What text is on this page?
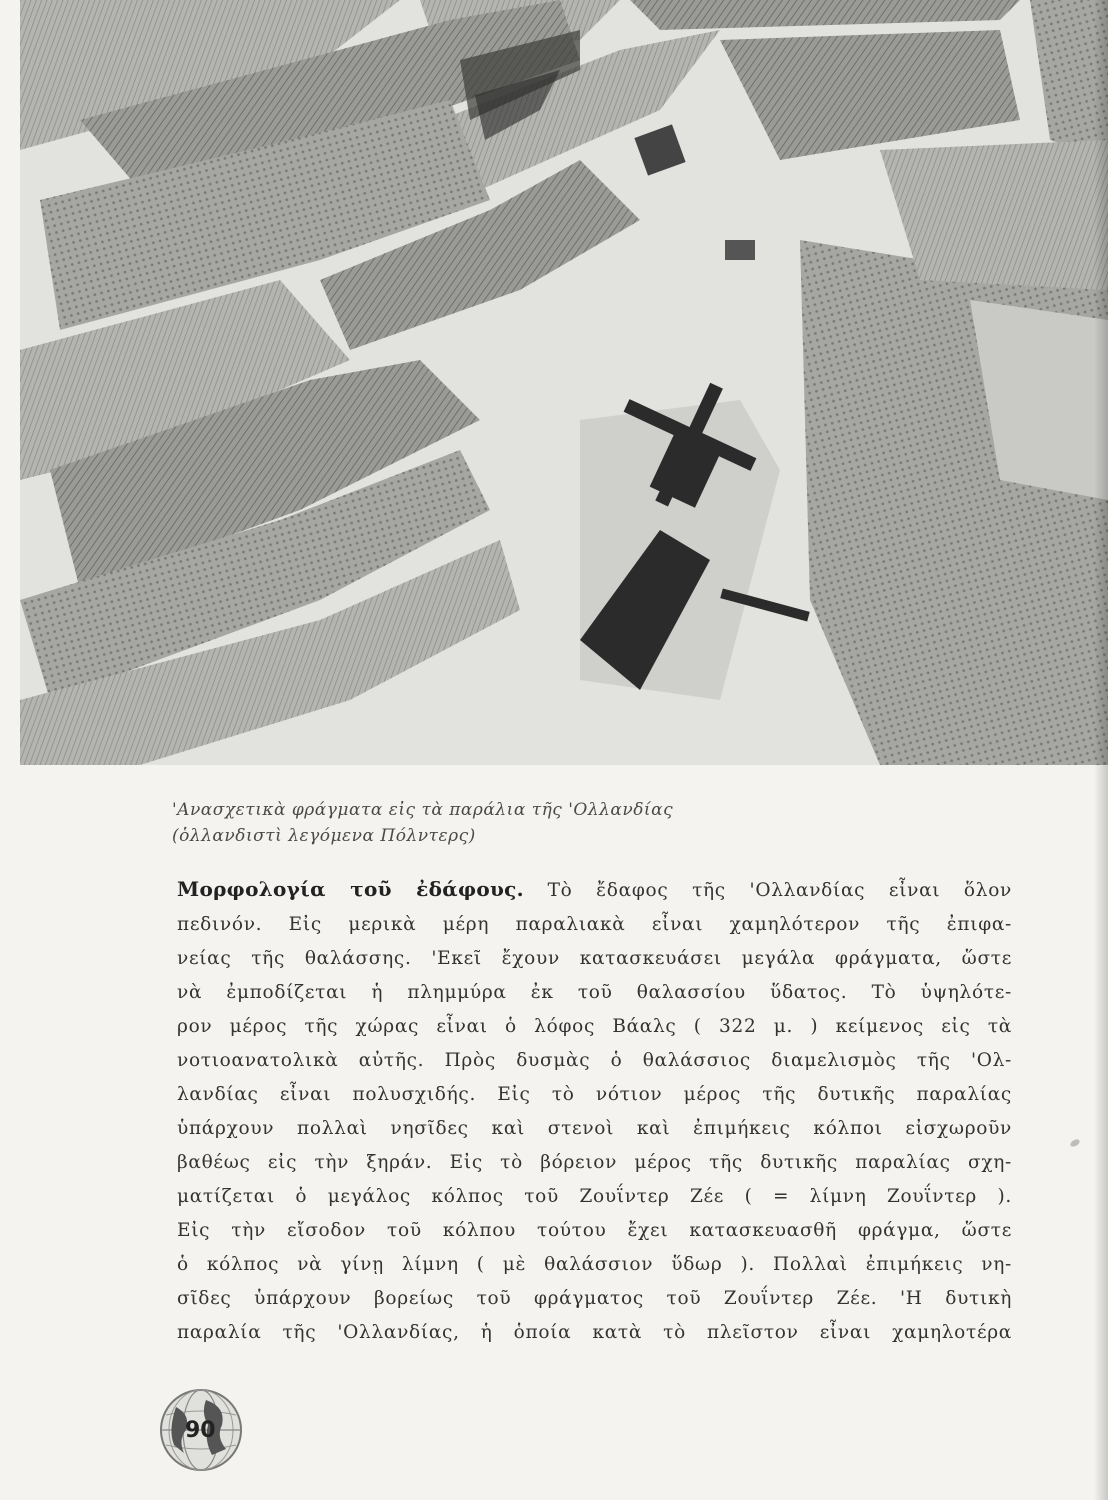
'Ανασχετικὰ φράγματα εἰς τὰ παράλια τῆς 'Ολλανδίας
(ὁλλανδιστὶ λεγόμενα Πόλντερς)
Μορφολογία τοῦ ἐδάφους. Τὸ ἔδαφος τῆς 'Ολλανδίας εἶναι ὅλον
πεδινόν. Εἰς μερικὰ μέρη παραλιακὰ εἶναι χαμηλότερον τῆς ἐπιφα-
νείας τῆς θαλάσσης. 'Εκεῖ ἔχουν κατασκευάσει μεγάλα φράγματα, ὥστε
νὰ ἐμποδίζεται ἡ πλημμύρα ἐκ τοῦ θαλασσίου ὕδατος. Τὸ ὑψηλότε-
ρον μέρος τῆς χώρας εἶναι ὁ λόφος Βάαλς ( 322 μ. ) κείμενος εἰς τὰ
νοτιοανατολικὰ αὐτῆς. Πρὸς δυσμὰς ὁ θαλάσσιος διαμελισμὸς τῆς 'Ολ-
λανδίας εἶναι πολυσχιδής. Εἰς τὸ νότιον μέρος τῆς δυτικῆς παραλίας
ὑπάρχουν πολλαὶ νησῖδες καὶ στενοὶ καὶ ἐπιμήκεις κόλποι εἰσχωροῦν
βαθέως εἰς τὴν ξηράν. Εἰς τὸ βόρειον μέρος τῆς δυτικῆς παραλίας σχη-
ματίζεται ὁ μεγάλος κόλπος τοῦ Ζουΐντερ Ζέε ( = λίμνη Ζουΐντερ ).
Εἰς τὴν εἴσοδον τοῦ κόλπου τούτου ἔχει κατασκευασθῆ φράγμα, ὥστε
ὁ κόλπος νὰ γίνῃ λίμνη ( μὲ θαλάσσιον ὕδωρ ). Πολλαὶ ἐπιμήκεις νη-
σῖδες ὑπάρχουν βορείως τοῦ φράγματος τοῦ Ζουΐντερ Ζέε. 'Η δυτικὴ
παραλία τῆς 'Ολλανδίας, ἡ ὁποία κατὰ τὸ πλεῖστον εἶναι χαμηλοτέρα
90
